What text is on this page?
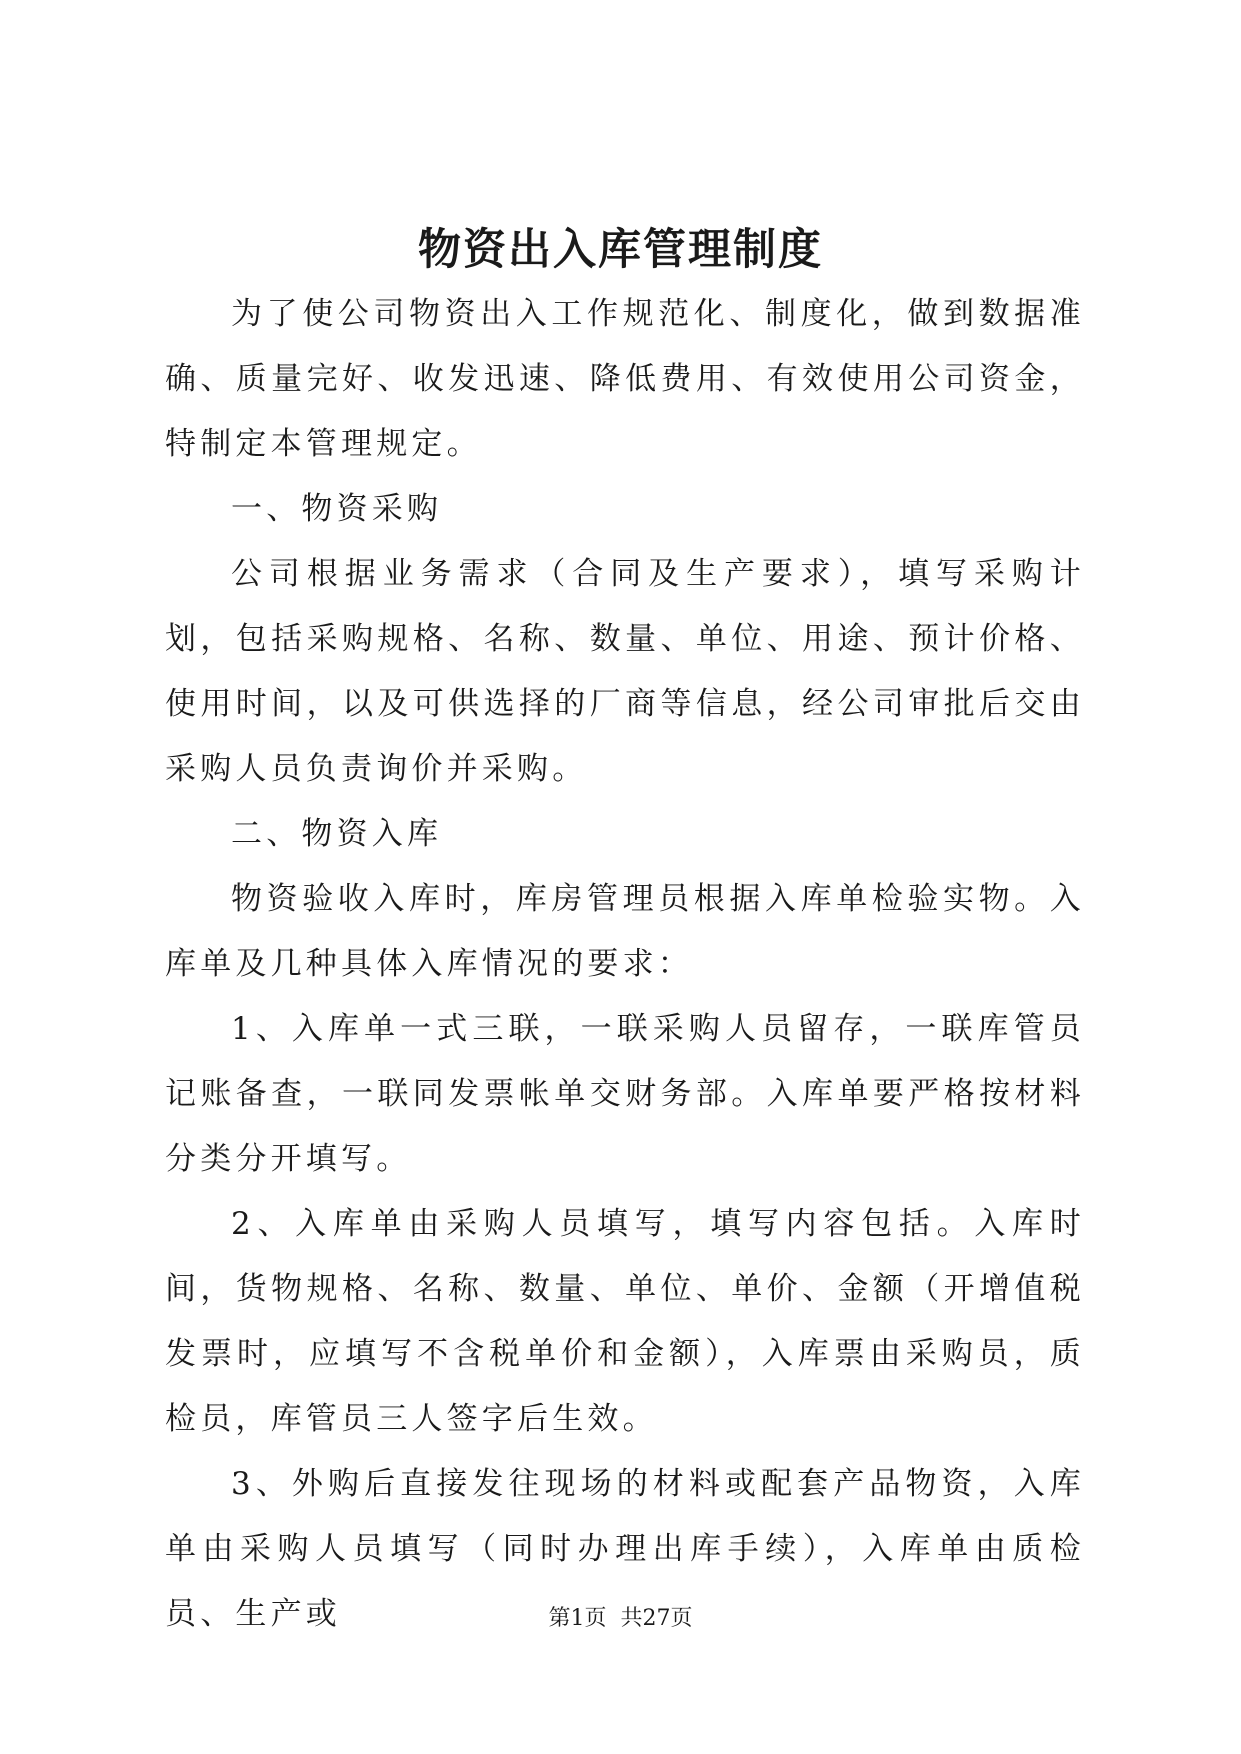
物资出入库管理制度

为了使公司物资出入工作规范化、制度化，做到数据准确、质量完好、收发迅速、降低费用、有效使用公司资金，特制定本管理规定。

一、物资采购

公司根据业务需求（合同及生产要求），填写采购计划，包括采购规格、名称、数量、单位、用途、预计价格、使用时间，以及可供选择的厂商等信息，经公司审批后交由采购人员负责询价并采购。

二、物资入库

物资验收入库时，库房管理员根据入库单检验实物。入库单及几种具体入库情况的要求：

1、入库单一式三联，一联采购人员留存，一联库管员记账备查，一联同发票帐单交财务部。入库单要严格按材料分类分开填写。

2、入库单由采购人员填写，填写内容包括。入库时间，货物规格、名称、数量、单位、单价、金额（开增值税发票时，应填写不含税单价和金额），入库票由采购员，质检员，库管员三人签字后生效。

3、外购后直接发往现场的材料或配套产品物资，入库单由采购人员填写（同时办理出库手续），入库单由质检员、生产或	第1页 共27页
